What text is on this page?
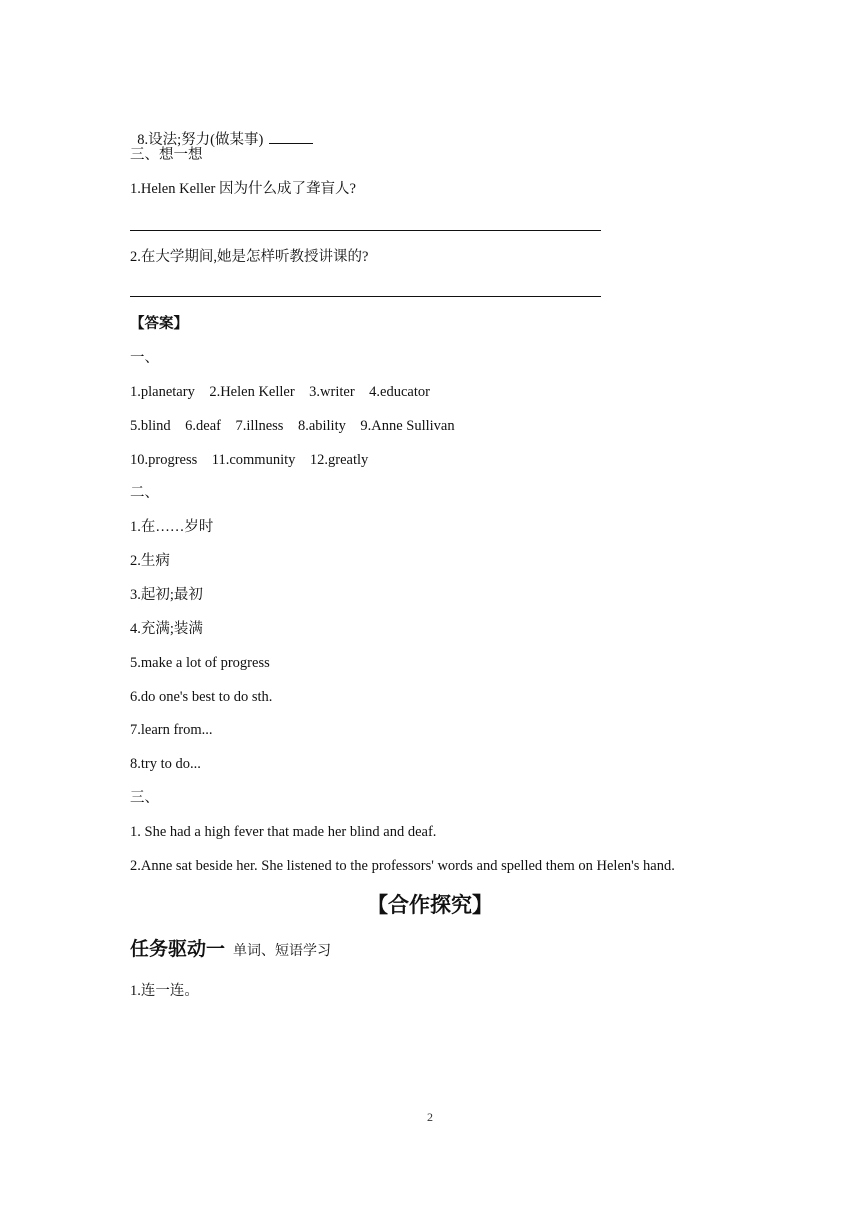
8.设法;努力(做某事)

三、想一想
1.Helen Keller 因为什么成了聋盲人?
2.在大学期间,她是怎样听教授讲课的?
【答案】
一、
1.planetary    2.Helen Keller    3.writer    4.educator
5.blind    6.deaf    7.illness    8.ability    9.Anne Sullivan
10.progress    11.community    12.greatly
二、
1.在……岁时
2.生病
3.起初;最初
4.充满;装满
5.make a lot of progress
6.do one's best to do sth.
7.learn from...
8.try to do...
三、
1. She had a high fever that made her blind and deaf.
2.Anne sat beside her. She listened to the professors' words and spelled them on Helen's hand.
【合作探究】
任务驱动一 单词、短语学习
1.连一连。
2
